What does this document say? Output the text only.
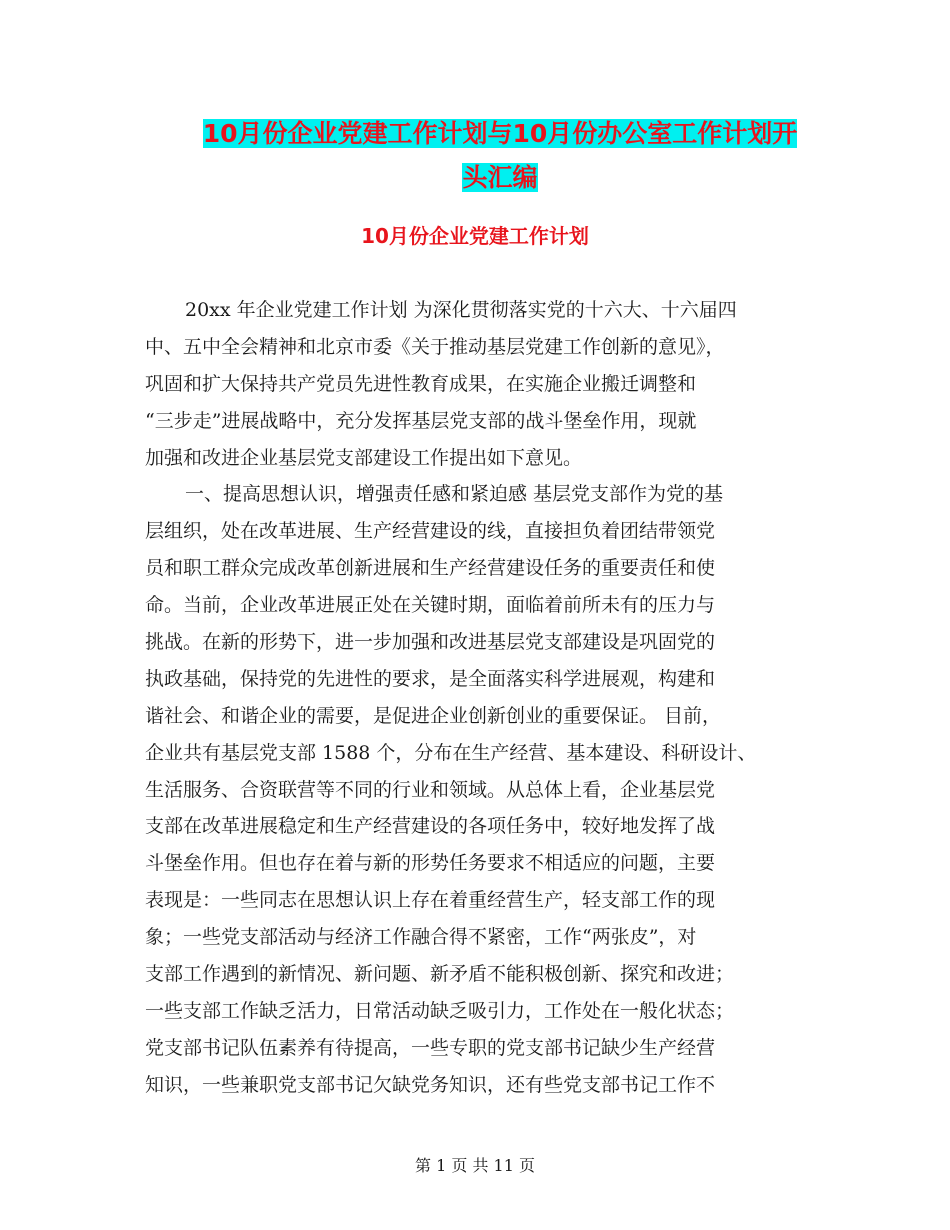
10月份企业党建工作计划与10月份办公室工作计划开
头汇编
10月份企业党建工作计划
20xx 年企业党建工作计划 为深化贯彻落实党的十六大、十六届四
中、五中全会精神和北京市委《关于推动基层党建工作创新的意见》，
巩固和扩大保持共产党员先进性教育成果，在实施企业搬迁调整和
“三步走”进展战略中，充分发挥基层党支部的战斗堡垒作用，现就
加强和改进企业基层党支部建设工作提出如下意见。
一、提高思想认识，增强责任感和紧迫感 基层党支部作为党的基
层组织，处在改革进展、生产经营建设的线，直接担负着团结带领党
员和职工群众完成改革创新进展和生产经营建设任务的重要责任和使
命。当前，企业改革进展正处在关键时期，面临着前所未有的压力与
挑战。在新的形势下，进一步加强和改进基层党支部建设是巩固党的
执政基础，保持党的先进性的要求，是全面落实科学进展观，构建和
谐社会、和谐企业的需要，是促进企业创新创业的重要保证。 目前，
企业共有基层党支部 1588 个，分布在生产经营、基本建设、科研设计、
生活服务、合资联营等不同的行业和领域。从总体上看，企业基层党
支部在改革进展稳定和生产经营建设的各项任务中，较好地发挥了战
斗堡垒作用。但也存在着与新的形势任务要求不相适应的问题，主要
表现是：一些同志在思想认识上存在着重经营生产，轻支部工作的现
象；一些党支部活动与经济工作融合得不紧密，工作“两张皮”，对
支部工作遇到的新情况、新问题、新矛盾不能积极创新、探究和改进；
一些支部工作缺乏活力，日常活动缺乏吸引力，工作处在一般化状态；
党支部书记队伍素养有待提高，一些专职的党支部书记缺少生产经营
知识，一些兼职党支部书记欠缺党务知识，还有些党支部书记工作不
第 1 页 共 11 页
